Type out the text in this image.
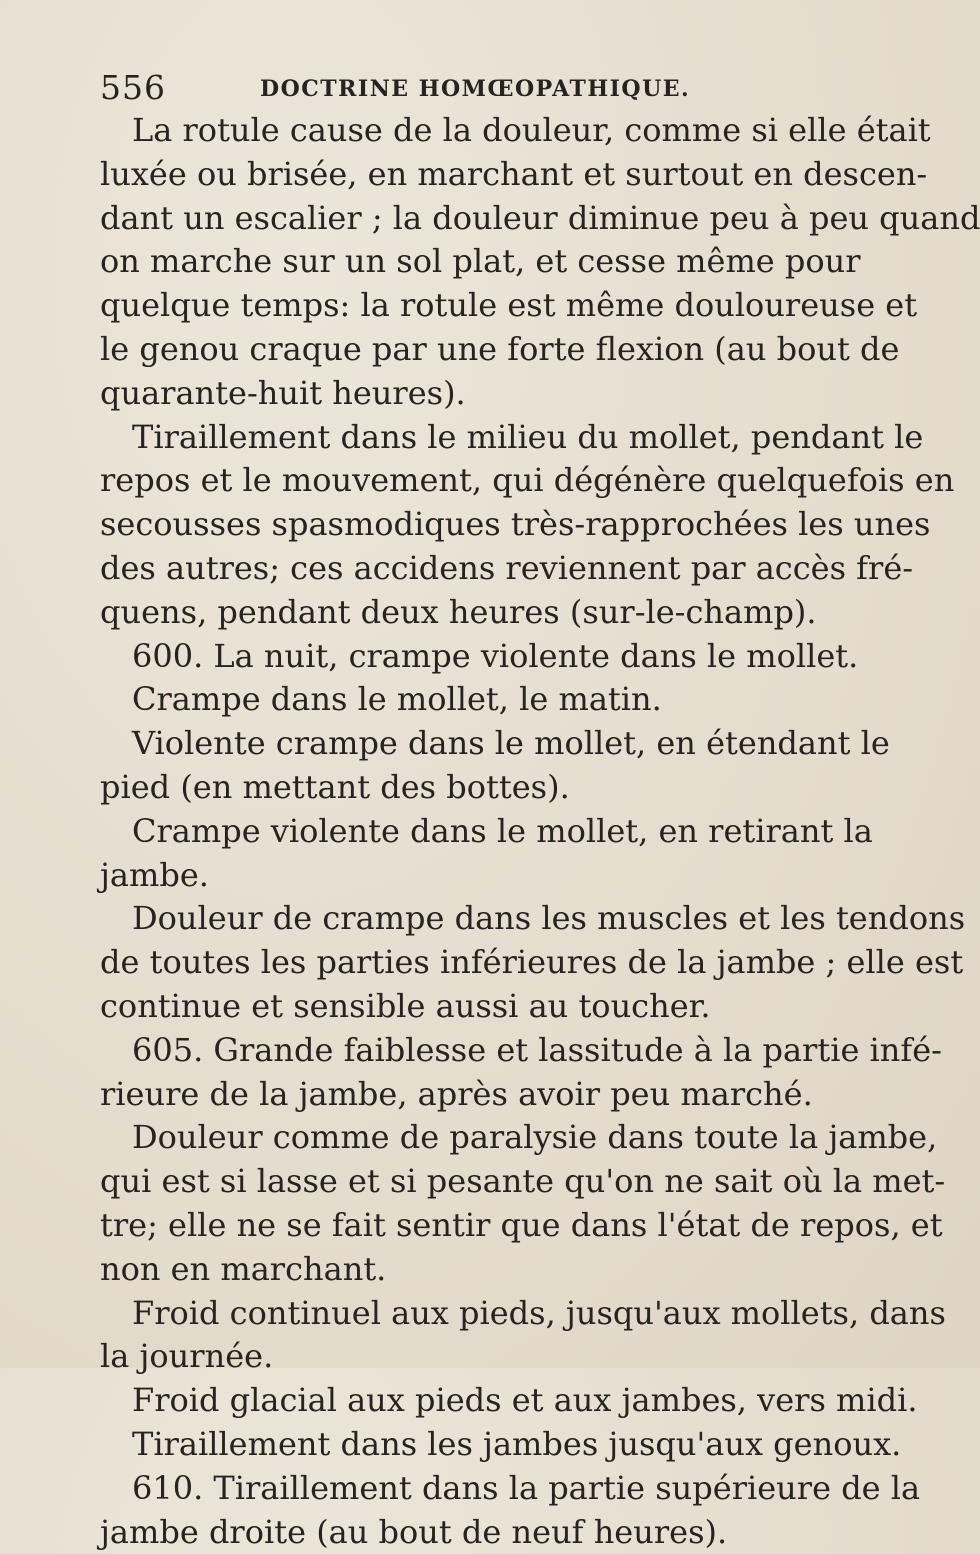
556	DOCTRINE HOMŒOPATHIQUE.
La rotule cause de la douleur, comme si elle était
luxée ou brisée, en marchant et surtout en descen-
dant un escalier ; la douleur diminue peu à peu quand
on marche sur un sol plat, et cesse même pour
quelque temps: la rotule est même douloureuse et
le genou craque par une forte flexion (au bout de
quarante-huit heures).
Tiraillement dans le milieu du mollet, pendant le
repos et le mouvement, qui dégénère quelquefois en
secousses spasmodiques très-rapprochées les unes
des autres; ces accidens reviennent par accès fré-
quens, pendant deux heures (sur-le-champ).
600. La nuit, crampe violente dans le mollet.
Crampe dans le mollet, le matin.
Violente crampe dans le mollet, en étendant le
pied (en mettant des bottes).
Crampe violente dans le mollet, en retirant la
jambe.
Douleur de crampe dans les muscles et les tendons
de toutes les parties inférieures de la jambe ; elle est
continue et sensible aussi au toucher.
605. Grande faiblesse et lassitude à la partie infé-
rieure de la jambe, après avoir peu marché.
Douleur comme de paralysie dans toute la jambe,
qui est si lasse et si pesante qu'on ne sait où la met-
tre; elle ne se fait sentir que dans l'état de repos, et
non en marchant.
Froid continuel aux pieds, jusqu'aux mollets, dans
la journée.
Froid glacial aux pieds et aux jambes, vers midi.
Tiraillement dans les jambes jusqu'aux genoux.
610. Tiraillement dans la partie supérieure de la
jambe droite (au bout de neuf heures).
